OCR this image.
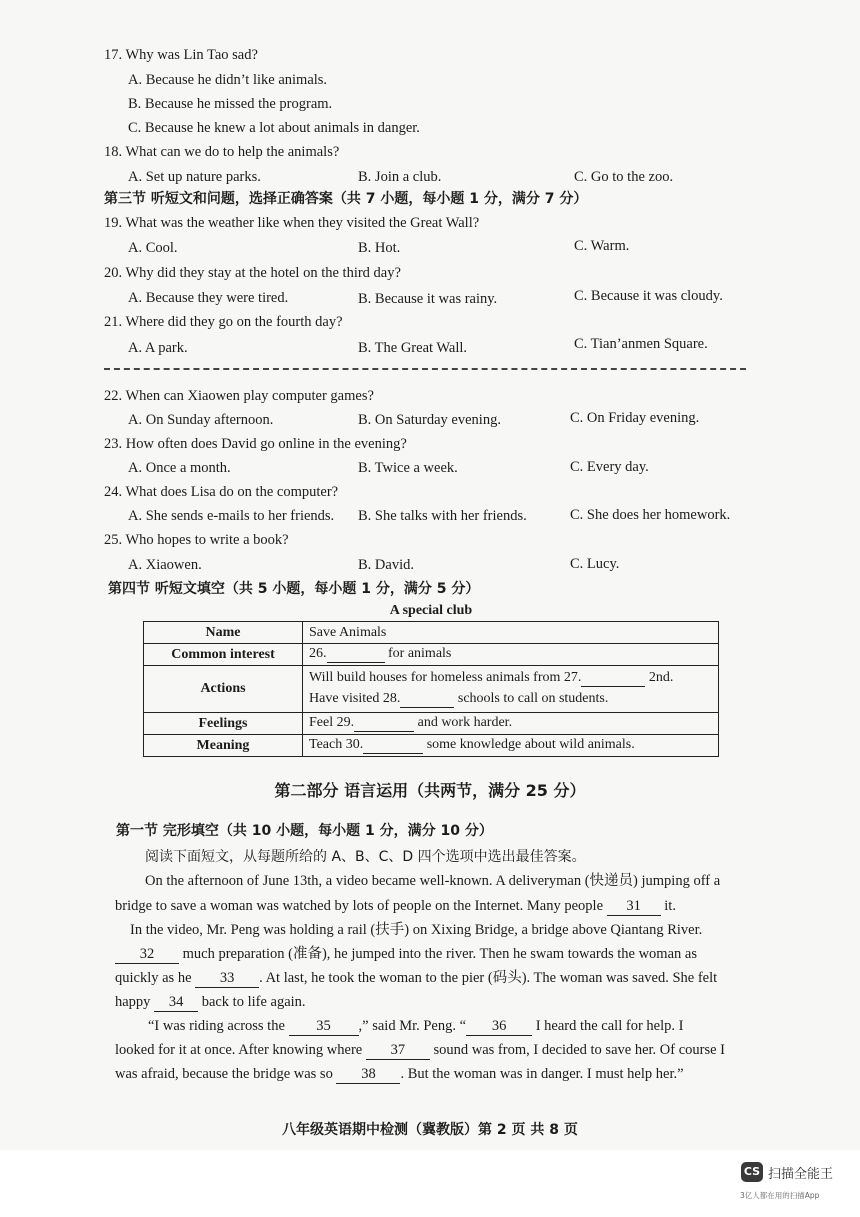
17. Why was Lin Tao sad?
A. Because he didn’t like animals.
B. Because he missed the program.
C. Because he knew a lot about animals in danger.
18. What can we do to help the animals?
A. Set up nature parks.	B. Join a club.	C. Go to the zoo.
第三节 听短文和问题，选择正确答案（共 7 小题，每小题 1 分，满分 7 分）
19. What was the weather like when they visited the Great Wall?
A. Cool.	B. Hot.	C. Warm.
20. Why did they stay at the hotel on the third day?
A. Because they were tired.	B. Because it was rainy.	C. Because it was cloudy.
21. Where did they go on the fourth day?
A. A park.	B. The Great Wall.	C. Tian’anmen Square.
22. When can Xiaowen play computer games?
A. On Sunday afternoon.	B. On Saturday evening.	C. On Friday evening.
23. How often does David go online in the evening?
A. Once a month.	B. Twice a week.	C. Every day.
24. What does Lisa do on the computer?
A. She sends e-mails to her friends. B. She talks with her friends.	C. She does her homework.
25. Who hopes to write a book?
A. Xiaowen.	B. David.	C. Lucy.
第四节 听短文填空（共 5 小题，每小题 1 分，满分 5 分）
A special club	
Name	Save Animals
Common interest	26. for animals
Actions	Will build houses for homeless animals from 27. 2nd.
Have visited 28. schools to call on students.

Feelings	Feel 29. and work harder.
Meaning	Teach 30. some knowledge about wild animals.
第二部分 语言运用（共两节，满分 25 分）
第一节 完形填空（共 10 小题，每小题 1 分，满分 10 分）
阅读下面短文，从每题所给的 A、B、C、D 四个选项中选出最佳答案。
On the afternoon of June 13th, a video became well-known. A deliveryman (快递员) jumping off a
bridge to save a woman was watched by lots of people on the Internet. Many people 31 it.
In the video, Mr. Peng was holding a rail (扶手) on Xixing Bridge, a bridge above Qiantang River.
32 much preparation (准备), he jumped into the river. Then he swam towards the woman as
quickly as he 33 . At last, he took the woman to the pier (码头). The woman was saved. She felt
happy 34 back to life again.
“I was riding across the 35 ,” said Mr. Peng. “ 36 I heard the call for help. I
looked for it at once. After knowing where 37 sound was from, I decided to save her. Of course I
was afraid, because the bridge was so 38 . But the woman was in danger. I must help her.”
八年级英语期中检测（冀教版）第 2 页 共 8 页
CS 扫描全能王
3亿人都在用的扫描App
